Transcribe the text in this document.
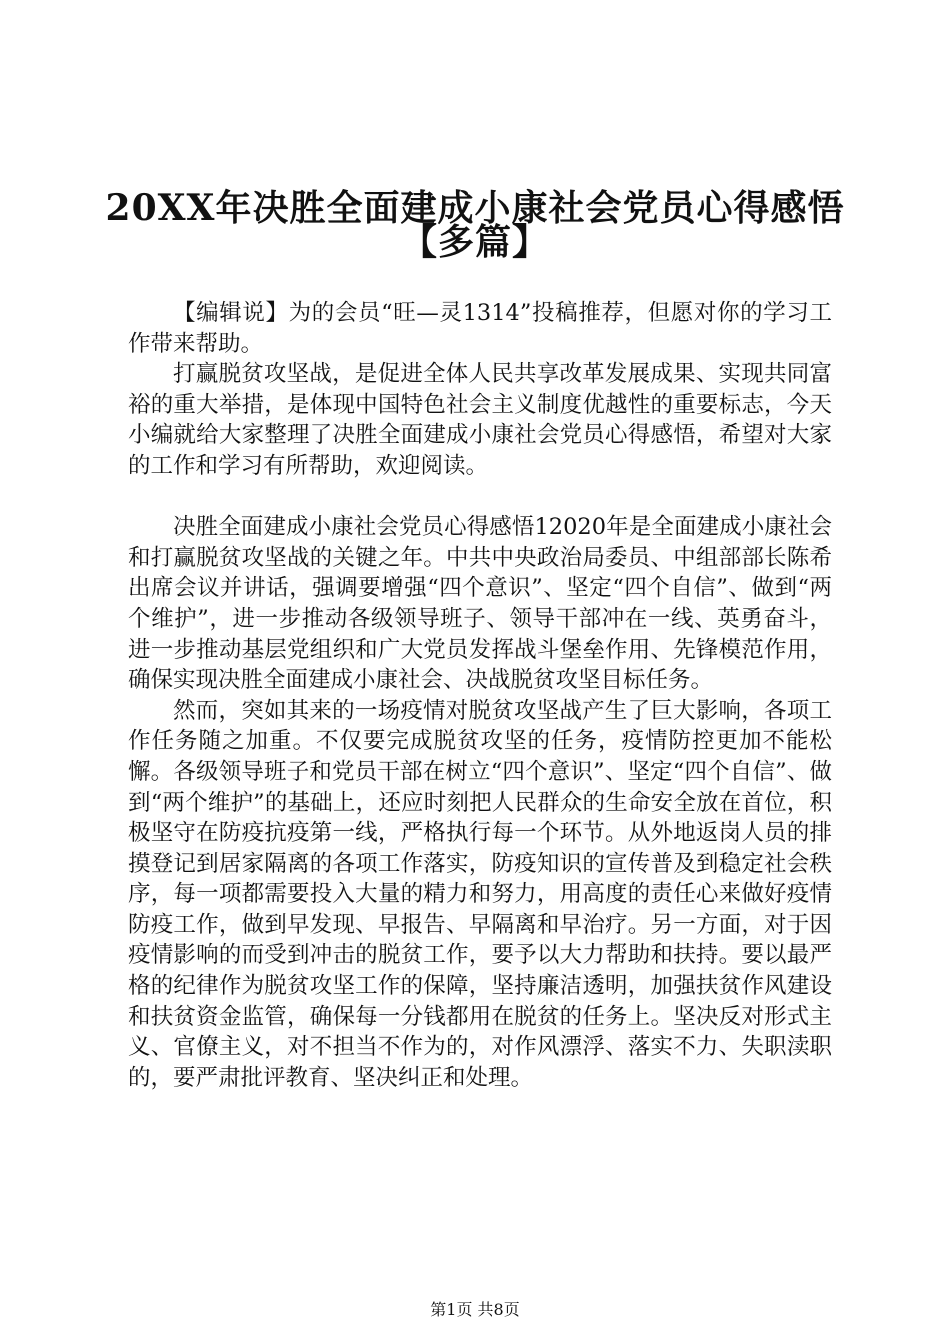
20XX年决胜全面建成小康社会党员心得感悟
【多篇】

【编辑说】为的会员“旺—灵1314”投稿推荐，但愿对你的学习工作带来帮助。

打赢脱贫攻坚战，是促进全体人民共享改革发展成果、实现共同富裕的重大举措，是体现中国特色社会主义制度优越性的重要标志，今天小编就给大家整理了决胜全面建成小康社会党员心得感悟，希望对大家的工作和学习有所帮助，欢迎阅读。

决胜全面建成小康社会党员心得感悟12020年是全面建成小康社会和打赢脱贫攻坚战的关键之年。中共中央政治局委员、中组部部长陈希出席会议并讲话，强调要增强“四个意识”、坚定“四个自信”、做到“两个维护”，进一步推动各级领导班子、领导干部冲在一线、英勇奋斗，进一步推动基层党组织和广大党员发挥战斗堡垒作用、先锋模范作用，确保实现决胜全面建成小康社会、决战脱贫攻坚目标任务。

然而，突如其来的一场疫情对脱贫攻坚战产生了巨大影响，各项工作任务随之加重。不仅要完成脱贫攻坚的任务，疫情防控更加不能松懈。各级领导班子和党员干部在树立“四个意识”、坚定“四个自信”、做到“两个维护”的基础上，还应时刻把人民群众的生命安全放在首位，积极坚守在防疫抗疫第一线，严格执行每一个环节。从外地返岗人员的排摸登记到居家隔离的各项工作落实，防疫知识的宣传普及到稳定社会秩序，每一项都需要投入大量的精力和努力，用高度的责任心来做好疫情防疫工作，做到早发现、早报告、早隔离和早治疗。另一方面，对于因疫情影响的而受到冲击的脱贫工作，要予以大力帮助和扶持。要以最严格的纪律作为脱贫攻坚工作的保障，坚持廉洁透明，加强扶贫作风建设和扶贫资金监管，确保每一分钱都用在脱贫的任务上。坚决反对形式主义、官僚主义，对不担当不作为的，对作风漂浮、落实不力、失职渎职的，要严肃批评教育、坚决纠正和处理。

第1页 共8页
